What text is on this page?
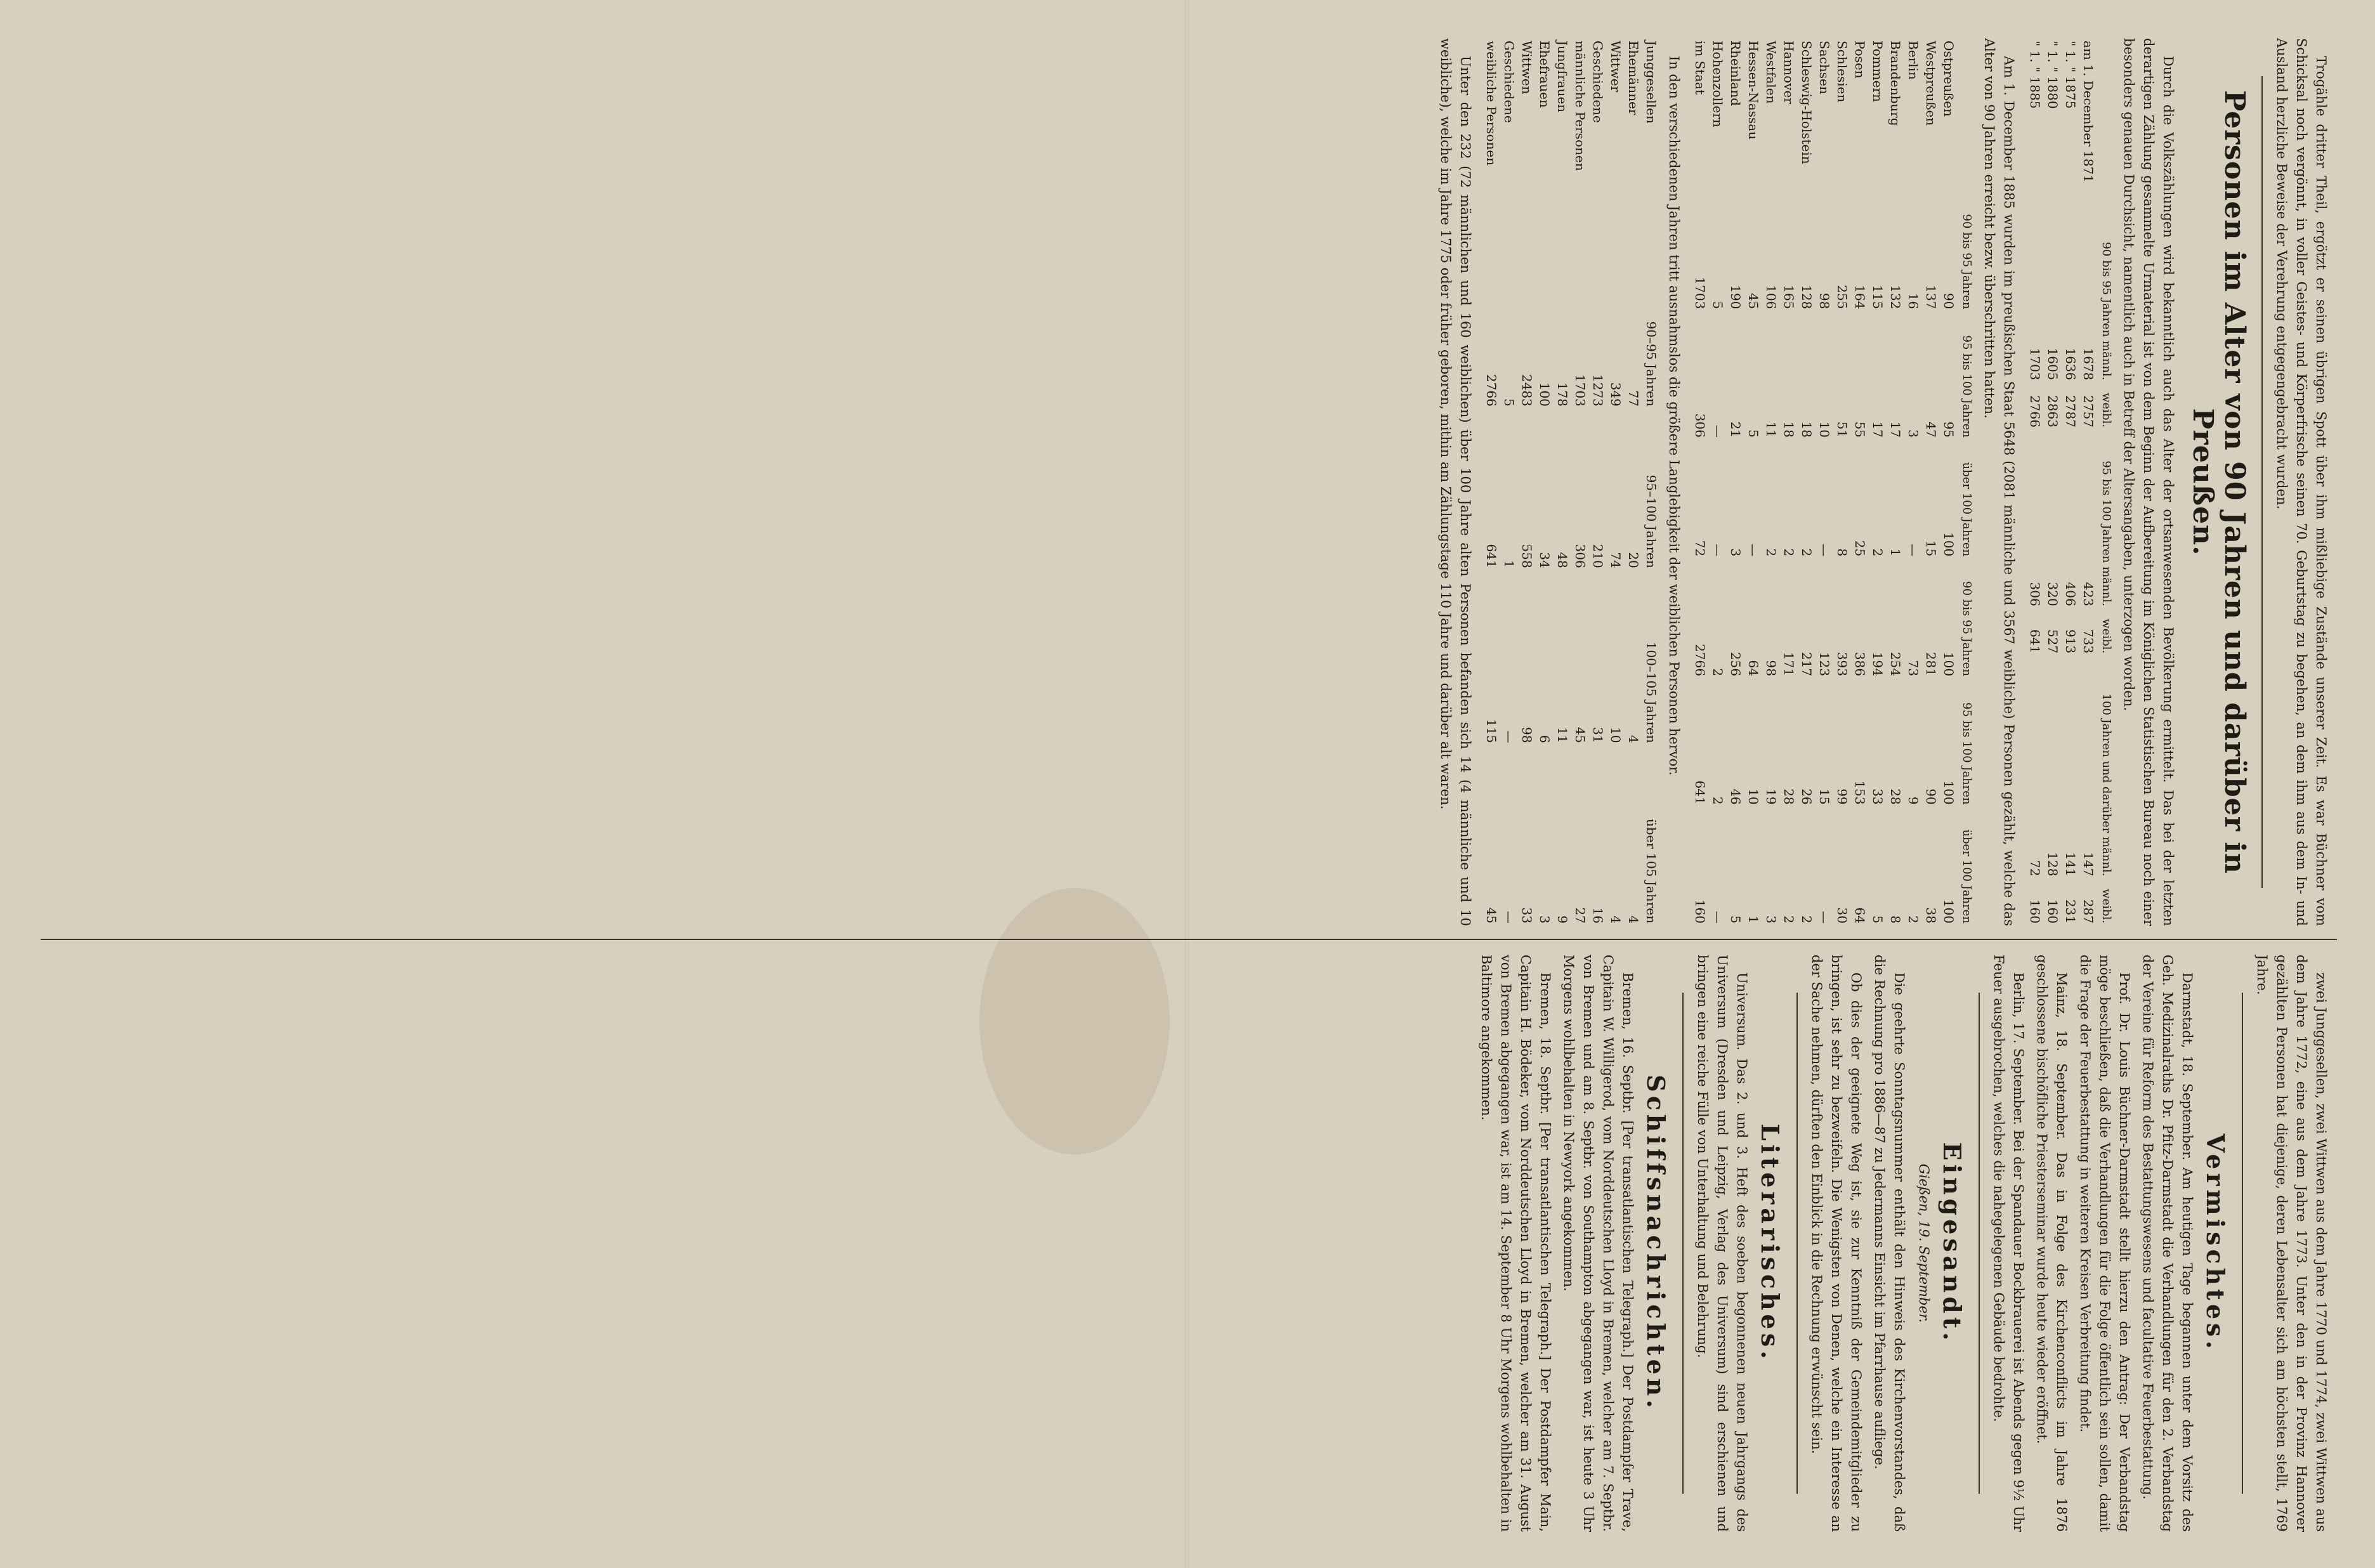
Trogähle dritter Theil, ergötzt er seinen übrigen Spott über ihm mißliebige Zustände unserer Zeit. Es war Büchner vom Schicksal noch vergönnt, in voller Geistes- und Körperfrische seinen 70. Geburtstag zu begehen, an dem ihm aus dem In- und Ausland herzliche Beweise der Verehrung entgegengebracht wurden.

Personen im Alter von 90 Jahren und darüber in Preußen.

Durch die Volkszählungen wird bekanntlich auch das Alter der ortsanwesenden Bevölkerung ermittelt. Das bei der letzten derartigen Zählung gesammelte Urmaterial ist von dem Beginn der Aufbereitung im Königlichen Statistischen Bureau noch einer besonders genauen Durchsicht, namentlich auch in Betreff der Altersangaben, unterzogen worden.

	90 bis 95 Jahren männl.	weibl.	95 bis 100 Jahren männl.	weibl.	100 Jahren und darüber männl.	weibl.
am 1. December 1871	1678	2757	423	733	147	287
" 1. " 1875	1636	2787	406	913	141	231
" 1. " 1880	1605	2863	320	527	128	160
" 1. " 1885	1703	2766	306	641	72	160

Am 1. December 1885 wurden im preußischen Staat 5648 (2081 männliche und 3567 weibliche) Personen gezählt, welche das Alter von 90 Jahren erreicht bezw. überschritten hatten.

	90 bis 95 Jahren	95 bis 100 Jahren	über 100 Jahren	90 bis 95 Jahren	95 bis 100 Jahren	über 100 Jahren
Ostpreußen	90	95	100	100	100	100
Westpreußen	137	47	15	281	90	38
Berlin	16	3	—	73	9	2
Brandenburg	132	17	1	254	28	8
Pommern	115	17	2	194	33	5
Posen	164	55	25	386	153	64
Schlesien	255	51	8	393	99	30
Sachsen	98	10	—	123	15	—
Schleswig-Holstein	128	18	2	217	26	2
Hannover	165	18	2	171	28	2
Westfalen	106	11	2	98	19	3
Hessen-Nassau	45	5	—	64	10	1
Rheinland	190	21	3	256	46	5
Hohenzollern	5	—	—	2	2	—
im Staat	1703	306	72	2766	641	160

In den verschiedenen Jahren tritt ausnahmslos die größere Langlebigkeit der weiblichen Personen hervor.

Junggesellen	90–95 Jahren	95–100 Jahren	100–105 Jahren	über 105 Jahren
Ehemänner	77	20	4	4
Wittwer	349	74	10	4
Geschiedene	1273	210	31	16
männliche Personen	1703	306	45	27
Jungfrauen	178	48	11	9
Ehefrauen	100	34	6	3
Wittwen	2483	558	98	33
Geschiedene	5	1	—	—
weibliche Personen	2766	641	115	45

Unter den 232 (72 männlichen und 160 weiblichen) über 100 Jahre alten Personen befanden sich 14 (4 männliche und 10 weibliche), welche im Jahre 1775 oder früher geboren, mithin am Zählungstage 110 Jahre und darüber alt waren.

zwei Junggesellen, zwei Wittwen aus dem Jahre 1770 und 1774, zwei Wittwen aus dem Jahre 1772, eine aus dem Jahre 1773. Unter den in der Provinz Hannover gezählten Personen hat diejenige, deren Lebensalter sich am höchsten stellt, 1769 Jahre.

Vermischtes.

Darmstadt, 18. September. Am heutigen Tage begannen unter dem Vorsitz des Geh. Medizinalraths Dr. Pfitz-Darmstadt die Verhandlungen für den 2. Verbandstag der Vereine für Reform des Bestattungswesens und facultative Feuerbestattung.

Prof. Dr. Louis Büchner-Darmstadt stellt hierzu den Antrag: Der Verbandstag möge beschließen, daß die Verhandlungen für die Folge öffentlich sein sollen, damit die Frage der Feuerbestattung in weiteren Kreisen Verbreitung findet.

Mainz, 18. September. Das in Folge des Kirchenconflicts im Jahre 1876 geschlossene bischöfliche Priesterseminar wurde heute wieder eröffnet.

Berlin, 17. September. Bei der Spandauer Bockbrauerei ist Abends gegen 9½ Uhr Feuer ausgebrochen, welches die nahegelegenen Gebäude bedrohte.

Eingesandt.
Gießen, 19. September.

Die geehrte Sonntagsnummer enthält den Hinweis des Kirchenvorstandes, daß die Rechnung pro 1886—87 zu Jedermanns Einsicht im Pfarrhause aufliege.

Ob dies der geeignete Weg ist, sie zur Kenntniß der Gemeindemitglieder zu bringen, ist sehr zu bezweifeln. Die Wenigsten von Denen, welche ein Interesse an der Sache nehmen, dürften den Einblick in die Rechnung erwünscht sein.

Literarisches.

Universum. Das 2. und 3. Heft des soeben begonnenen neuen Jahrgangs des Universum (Dresden und Leipzig, Verlag des Universum) sind erschienen und bringen eine reiche Fülle von Unterhaltung und Belehrung.

Schiffsnachrichten.

Bremen, 16. Septbr. [Per transatlantischen Telegraph.] Der Postdampfer Trave, Capitain W. Willigerod, vom Norddeutschen Lloyd in Bremen, welcher am 7. Septbr. von Bremen und am 8. Septbr. von Southampton abgegangen war, ist heute 3 Uhr Morgens wohlbehalten in Newyork angekommen.

Bremen, 18. Septbr. [Per transatlantischen Telegraph.] Der Postdampfer Main, Capitain H. Bödeker, vom Norddeutschen Lloyd in Bremen, welcher am 31. August von Bremen abgegangen war, ist am 14. September 8 Uhr Morgens wohlbehalten in Baltimore angekommen.
